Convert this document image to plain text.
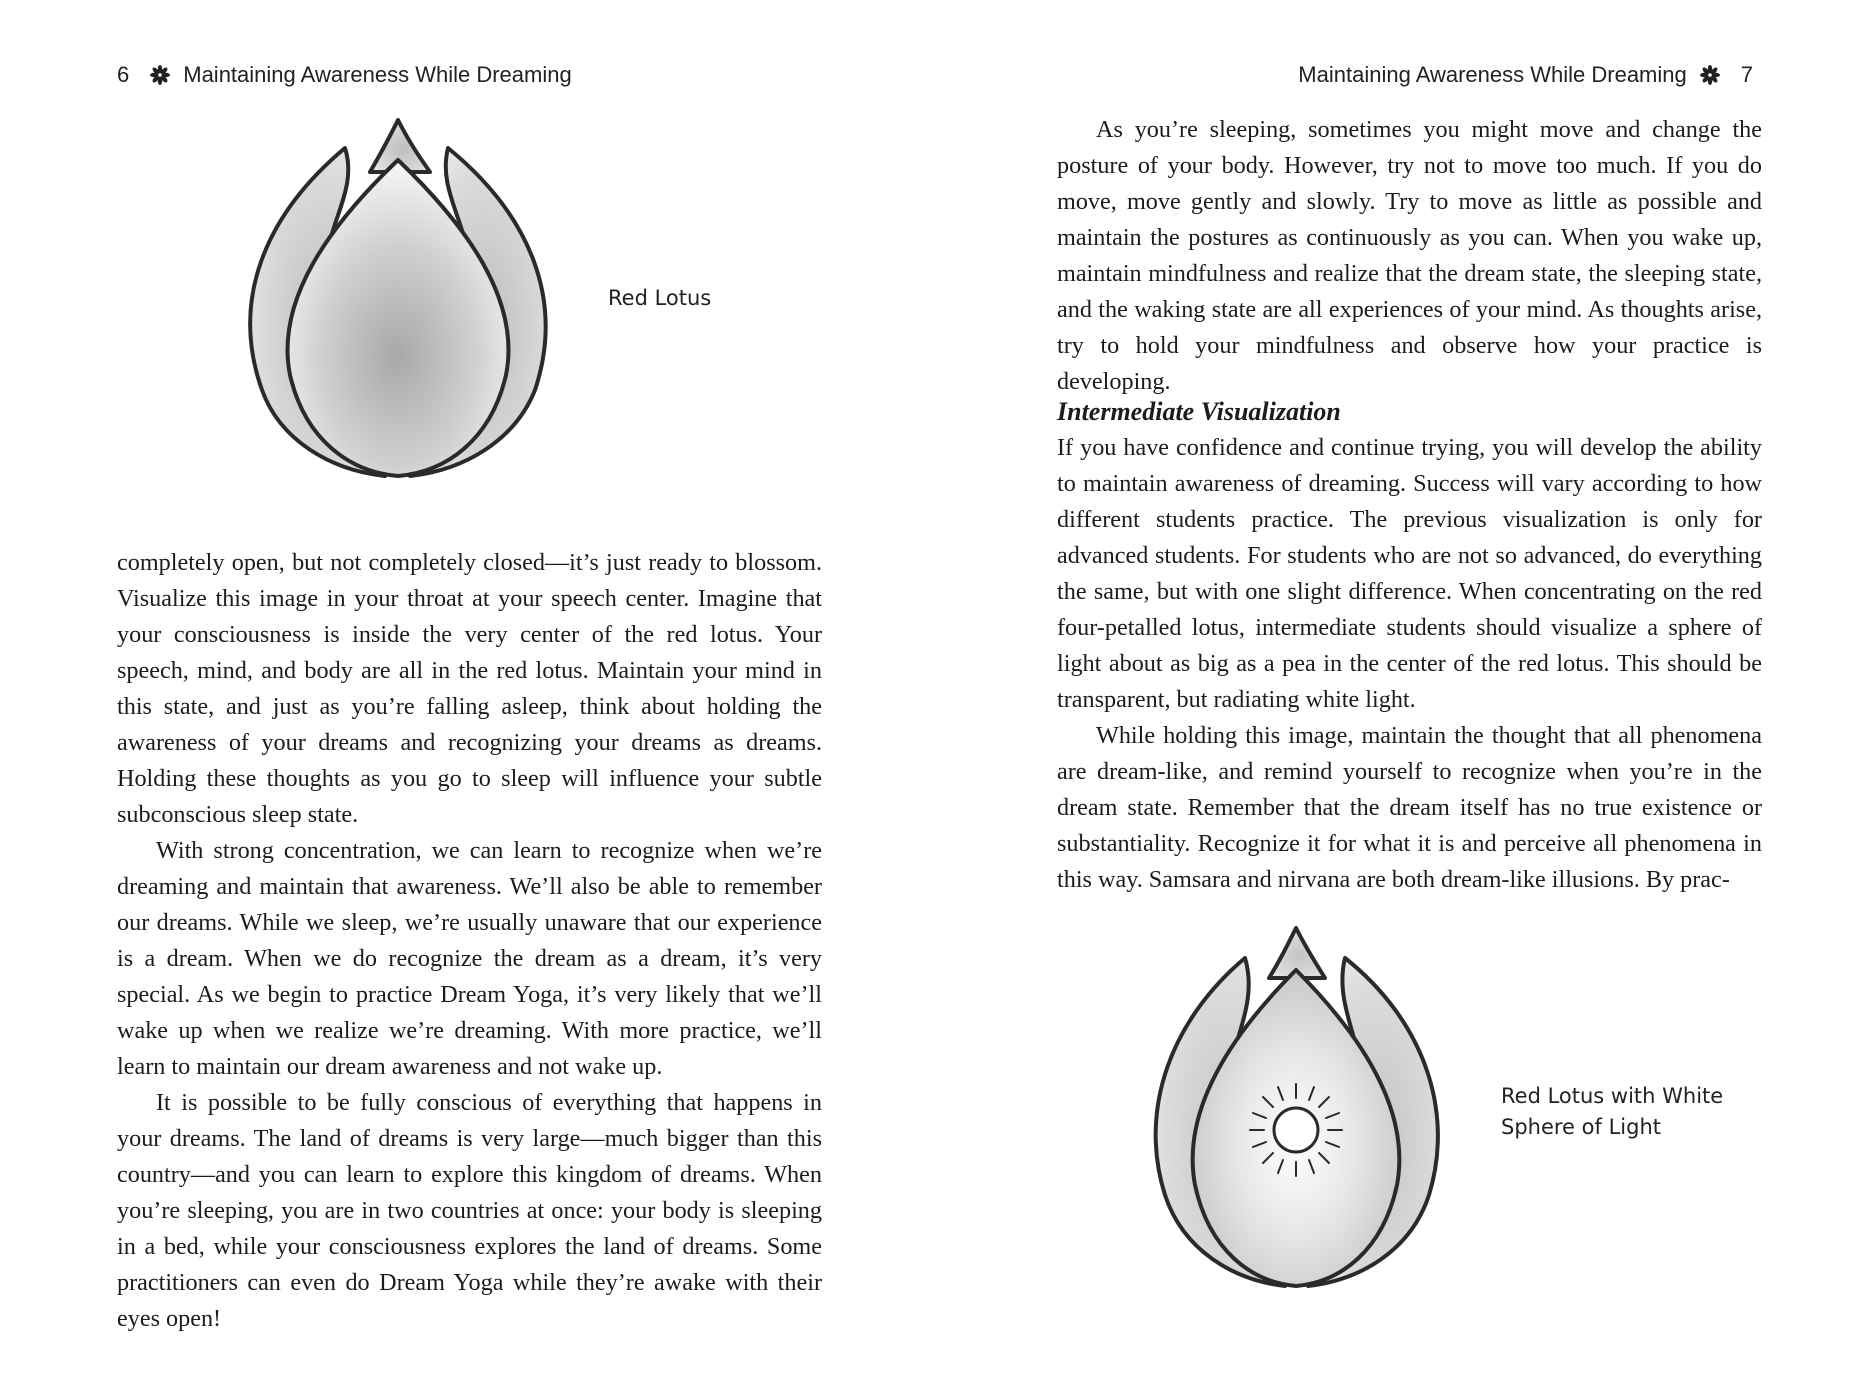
6 Maintaining Awareness While Dreaming
Red Lotus

completely open, but not completely closed—it’s just ready to blossom. Visualize this image in your throat at your speech center. Imagine that your consciousness is inside the very center of the red lotus. Your speech, mind, and body are all in the red lotus. Maintain your mind in this state, and just as you’re falling asleep, think about holding the awareness of your dreams and recognizing your dreams as dreams. Holding these thoughts as you go to sleep will influence your subtle subconscious sleep state.

With strong concentration, we can learn to recognize when we’re dreaming and maintain that awareness. We’ll also be able to remember our dreams. While we sleep, we’re usually unaware that our experience is a dream. When we do recognize the dream as a dream, it’s very special. As we begin to practice Dream Yoga, it’s very likely that we’ll wake up when we realize we’re dreaming. With more practice, we’ll learn to maintain our dream awareness and not wake up.

It is possible to be fully conscious of everything that happens in your dreams. The land of dreams is very large—much bigger than this country—and you can learn to explore this kingdom of dreams. When you’re sleeping, you are in two countries at once: your body is sleeping in a bed, while your consciousness explores the land of dreams. Some practitioners can even do Dream Yoga while they’re awake with their eyes open!

Maintaining Awareness While Dreaming 7

As you’re sleeping, sometimes you might move and change the posture of your body. However, try not to move too much. If you do move, move gently and slowly. Try to move as little as possible and maintain the postures as continuously as you can. When you wake up, maintain mindfulness and realize that the dream state, the sleeping state, and the waking state are all experiences of your mind. As thoughts arise, try to hold your mindfulness and observe how your practice is developing.

Intermediate Visualization

If you have confidence and continue trying, you will develop the ability to maintain awareness of dreaming. Success will vary according to how different students practice. The previous visualization is only for advanced students. For students who are not so advanced, do everything the same, but with one slight difference. When concentrating on the red four-petalled lotus, intermediate students should visualize a sphere of light about as big as a pea in the center of the red lotus. This should be transparent, but radiating white light.

While holding this image, maintain the thought that all phenomena are dream-like, and remind yourself to recognize when you’re in the dream state. Remember that the dream itself has no true existence or substantiality. Recognize it for what it is and perceive all phenomena in this way. Samsara and nirvana are both dream-like illusions. By prac-

Red Lotus with White
Sphere of Light
